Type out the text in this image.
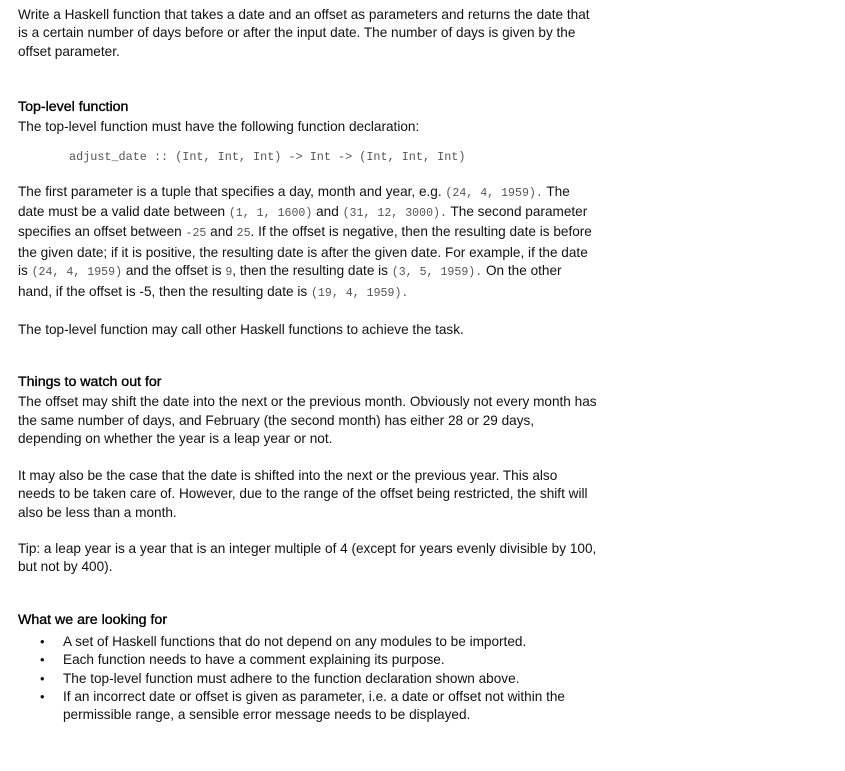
Write a Haskell function that takes a date and an offset as parameters and returns the date that is a certain number of days before or after the input date. The number of days is given by the offset parameter.

Top-level function

The top-level function must have the following function declaration:

adjust_date :: (Int, Int, Int) -> Int -> (Int, Int, Int)

The first parameter is a tuple that specifies a day, month and year, e.g. (24, 4, 1959). The date must be a valid date between (1, 1, 1600) and (31, 12, 3000). The second parameter specifies an offset between -25 and 25. If the offset is negative, then the resulting date is before the given date; if it is positive, the resulting date is after the given date. For example, if the date is (24, 4, 1959) and the offset is 9, then the resulting date is (3, 5, 1959). On the other hand, if the offset is -5, then the resulting date is (19, 4, 1959).

The top-level function may call other Haskell functions to achieve the task.

Things to watch out for

The offset may shift the date into the next or the previous month. Obviously not every month has the same number of days, and February (the second month) has either 28 or 29 days, depending on whether the year is a leap year or not.

It may also be the case that the date is shifted into the next or the previous year. This also needs to be taken care of. However, due to the range of the offset being restricted, the shift will also be less than a month.

Tip: a leap year is a year that is an integer multiple of 4 (except for years evenly divisible by 100, but not by 400).

What we are looking for
• A set of Haskell functions that do not depend on any modules to be imported.
• Each function needs to have a comment explaining its purpose.
• The top-level function must adhere to the function declaration shown above.
• If an incorrect date or offset is given as parameter, i.e. a date or offset not within the permissible range, a sensible error message needs to be displayed.
